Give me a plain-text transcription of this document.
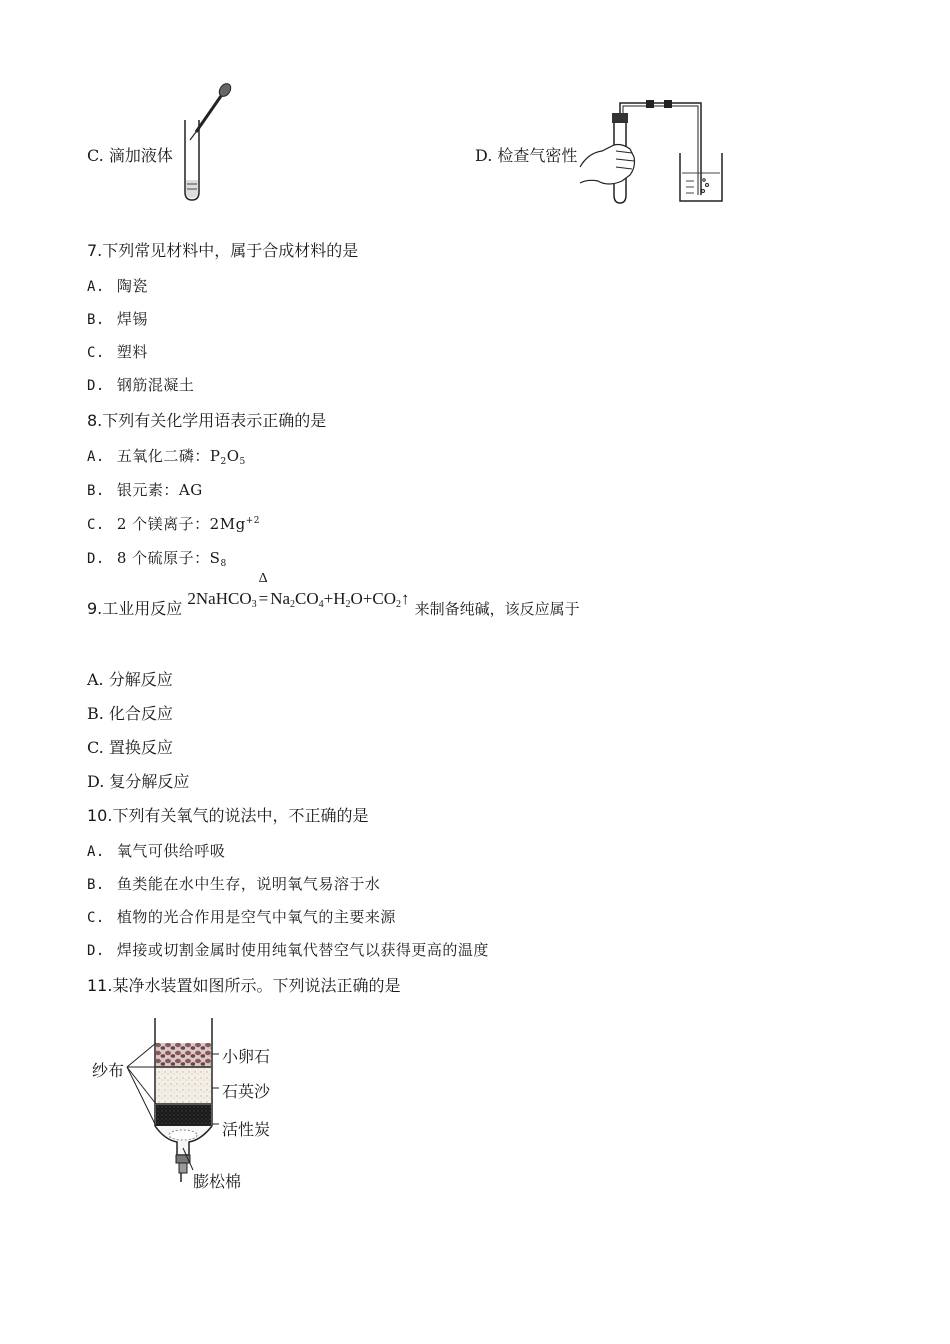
C. 滴加液体	D. 检查气密性
7.下列常见材料中，属于合成材料的是
A. 陶瓷
B. 焊锡
C. 塑料
D. 钢筋混凝土
8.下列有关化学用语表示正确的是
A. 五氧化二磷：$P_2O_5$
B. 银元素：AG
C. 2 个镁离子：$2Mg^{+2}$
D. 8 个硫原子：$S_8$
9.工业用反应 2NaHCO$_3$
Δ
= $Na_2CO_4+H_2O+CO_2↑$ 来制备纯碱，该反应属于
A. 分解反应
B. 化合反应
C. 置换反应
D. 复分解反应
10.下列有关氧气的说法中，不正确的是
A. 氧气可供给呼吸
B. 鱼类能在水中生存，说明氧气易溶于水
C. 植物的光合作用是空气中氧气的主要来源
D. 焊接或切割金属时使用纯氧代替空气以获得更高的温度
11.某净水装置如图所示。下列说法正确的是
纱布
小卵石
石英沙
活性炭
膨松棉
